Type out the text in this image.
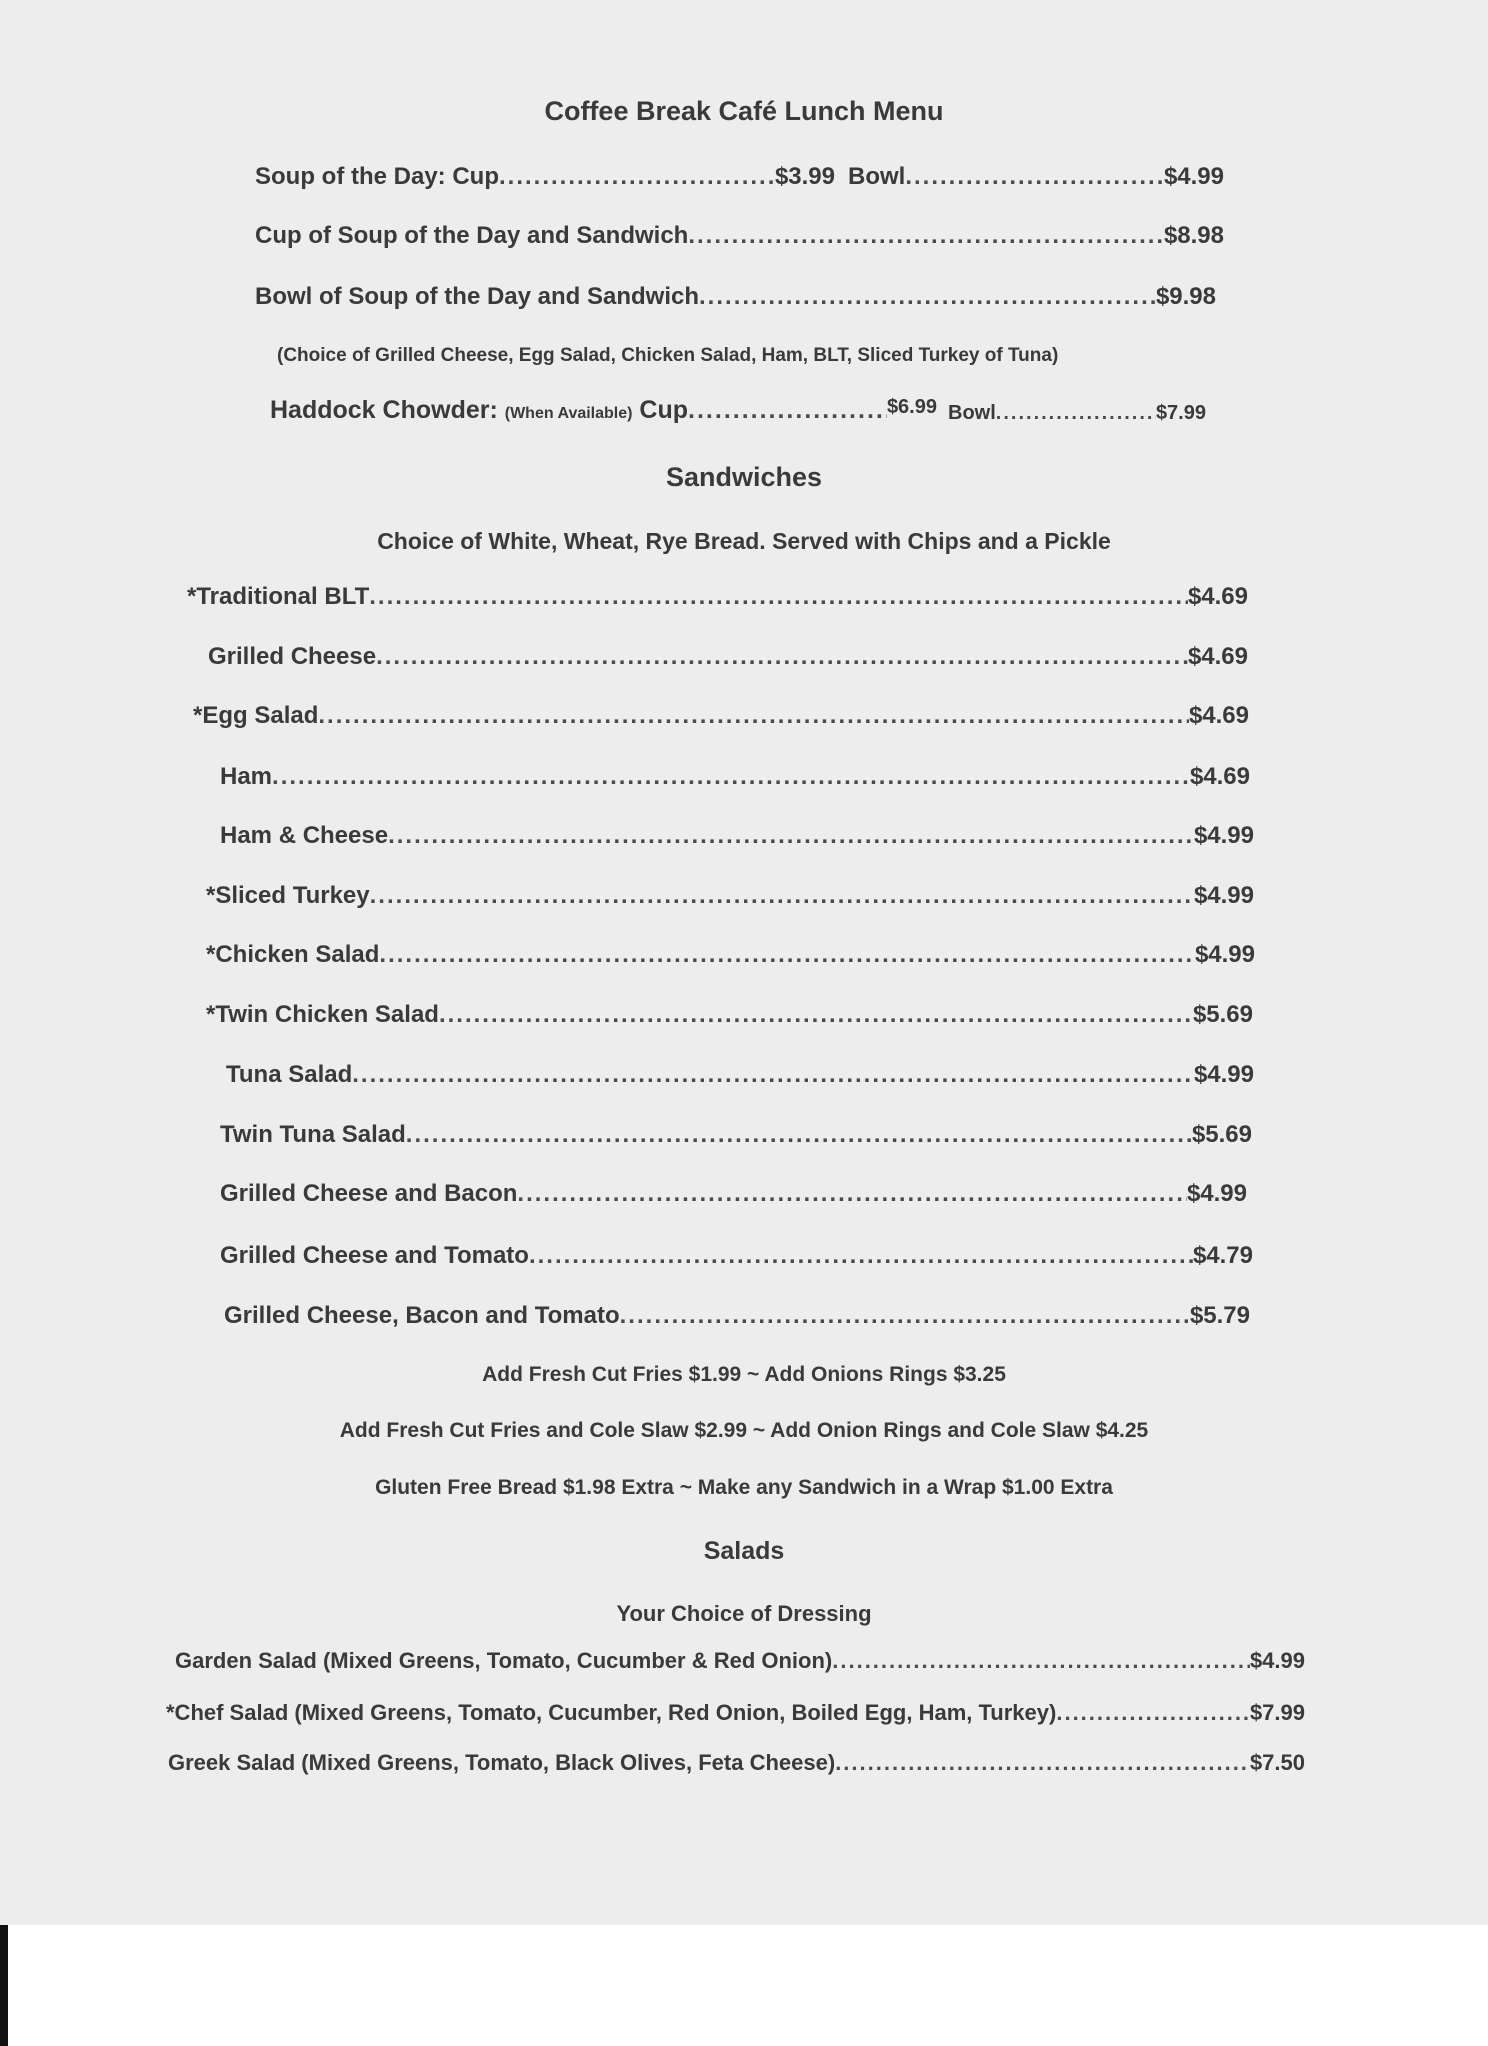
Coffee Break Café Lunch Menu
Soup of the Day: Cup .....	$3.99 Bowl .....	$4.99
Cup of Soup of the Day and Sandwich .....	$8.98
Bowl of Soup of the Day and Sandwich .....	$9.98
(Choice of Grilled Cheese, Egg Salad, Chicken Salad, Ham, BLT, Sliced Turkey of Tuna)
Haddock Chowder: (When Available) Cup .....	$6.99 Bowl .....	$7.99
Sandwiches
Choice of White, Wheat, Rye Bread. Served with Chips and a Pickle
*Traditional BLT .....	$4.69
Grilled Cheese .....	$4.69
*Egg Salad .....	$4.69
Ham .....	$4.69
Ham & Cheese .....	$4.99
*Sliced Turkey .....	$4.99
*Chicken Salad .....	$4.99
*Twin Chicken Salad .....	$5.69
Tuna Salad .....	$4.99
Twin Tuna Salad .....	$5.69
Grilled Cheese and Bacon .....	$4.99
Grilled Cheese and Tomato .....	$4.79
Grilled Cheese, Bacon and Tomato .....	$5.79
Add Fresh Cut Fries $1.99 ~ Add Onions Rings $3.25
Add Fresh Cut Fries and Cole Slaw $2.99 ~ Add Onion Rings and Cole Slaw $4.25
Gluten Free Bread $1.98 Extra ~ Make any Sandwich in a Wrap $1.00 Extra
Salads
Your Choice of Dressing
Garden Salad (Mixed Greens, Tomato, Cucumber & Red Onion) .....	$4.99
*Chef Salad (Mixed Greens, Tomato, Cucumber, Red Onion, Boiled Egg, Ham, Turkey) .....	$7.99
Greek Salad (Mixed Greens, Tomato, Black Olives, Feta Cheese) .....	$7.50
